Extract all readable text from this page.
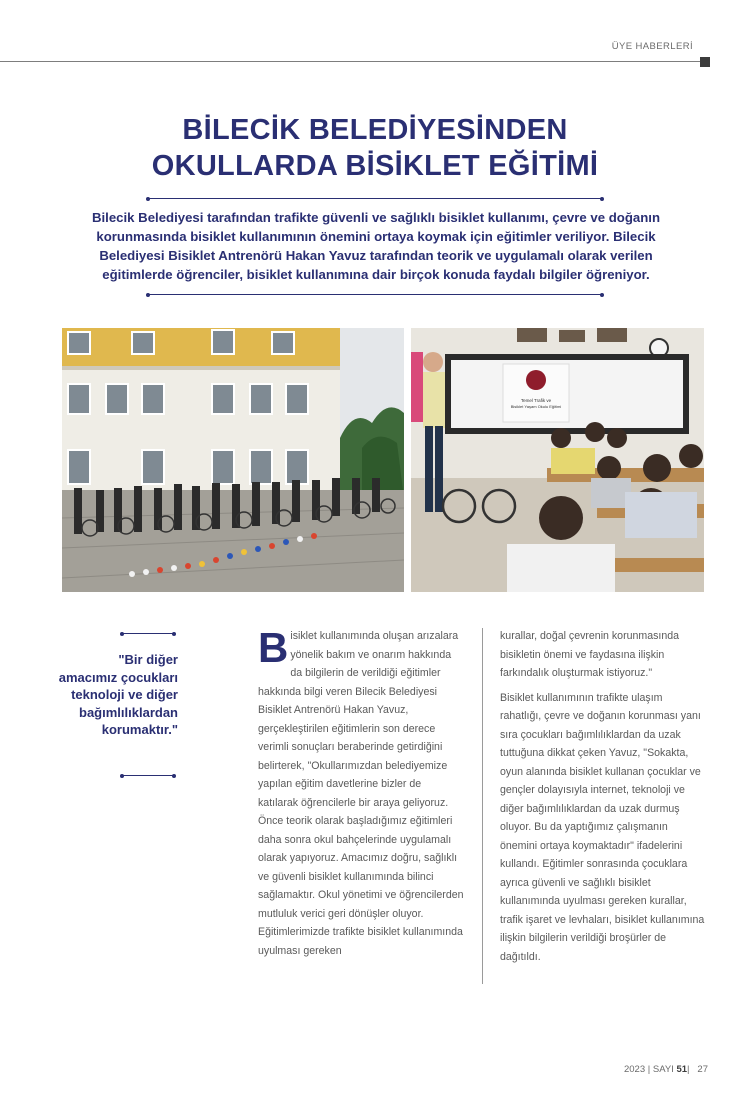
ÜYE HABERLERİ
BİLECİK BELEDİYESİNDEN
OKULLARDA BİSİKLET EĞİTİMİ

Bilecik Belediyesi tarafından trafikte güvenli ve sağlıklı bisiklet kullanımı, çevre ve doğanın korunmasında bisiklet kullanımının önemini ortaya koymak için eğitimler veriliyor. Bilecik Belediyesi Bisiklet Antrenörü Hakan Yavuz tarafından teorik ve uygulamalı olarak verilen eğitimlerde öğrenciler, bisiklet kullanımına dair birçok konuda faydalı bilgiler öğreniyor.

Temel Trafik ve
Bisiklet Yaşam Okulu Eğitimi

"Bir diğer amacımız çocukları teknoloji ve diğer bağımlılıklardan korumaktır."

Bisiklet kullanımında oluşan arızalara yönelik bakım ve onarım hakkında da bilgilerin de verildiği eğitimler hakkında bilgi veren Bilecik Belediyesi Bisiklet Antrenörü Hakan Yavuz, gerçekleştirilen eğitimlerin son derece verimli sonuçları beraberinde getirdiğini belirterek, "Okullarımızdan belediyemize yapılan eğitim davetlerine bizler de katılarak öğrencilerle bir araya geliyoruz. Önce teorik olarak başladığımız eğitimleri daha sonra okul bahçelerinde uygulamalı olarak yapıyoruz. Amacımız doğru, sağlıklı ve güvenli bisiklet kullanımında bilinci sağlamaktır. Okul yönetimi ve öğrencilerden mutluluk verici geri dönüşler oluyor. Eğitimlerimizde trafikte bisiklet kullanımında uyulması gereken

kurallar, doğal çevrenin korunmasında bisikletin önemi ve faydasına ilişkin farkındalık oluşturmak istiyoruz."

Bisiklet kullanımının trafikte ulaşım rahatlığı, çevre ve doğanın korunması yanı sıra çocukları bağımlılıklardan da uzak tuttuğuna dikkat çeken Yavuz, "Sokakta, oyun alanında bisiklet kullanan çocuklar ve gençler dolayısıyla internet, teknoloji ve diğer bağımlılıklardan da uzak durmuş oluyor. Bu da yaptığımız çalışmanın önemini ortaya koymaktadır" ifadelerini kullandı. Eğitimler sonrasında çocuklara ayrıca güvenli ve sağlıklı bisiklet kullanımında uyulması gereken kurallar, trafik işaret ve levhaları, bisiklet kullanımına ilişkin bilgilerin verildiği broşürler de dağıtıldı.

2023 | SAYI 51| 27
